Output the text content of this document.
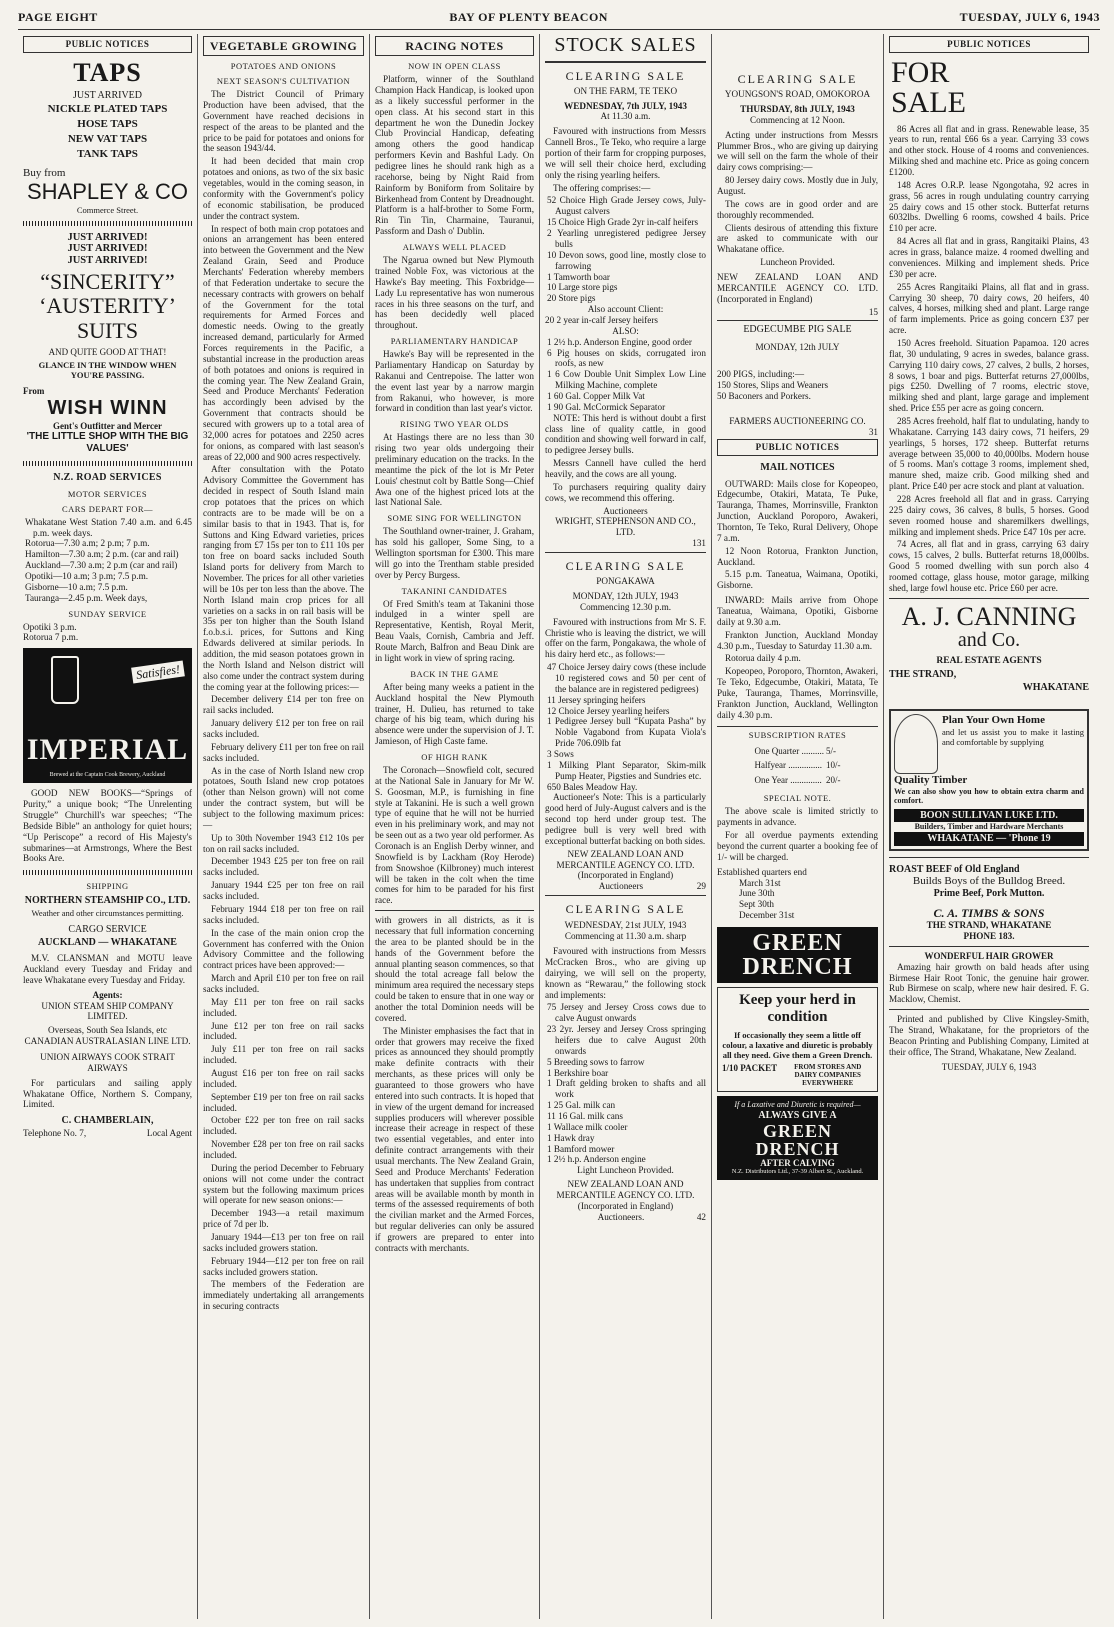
PAGE EIGHT	BAY OF PLENTY BEACON	TUESDAY, JULY 6, 1943
PUBLIC NOTICES
TAPS
JUST ARRIVED
NICKLE PLATED TAPS
HOSE TAPS
NEW VAT TAPS
TANK TAPS
Buy from
SHAPLEY & CO
Commerce Street.
JUST ARRIVED!
JUST ARRIVED!
JUST ARRIVED!
“SINCERITY”
‘AUSTERITY’
SUITS
AND QUITE GOOD AT THAT!
GLANCE IN THE WINDOW WHEN YOU'RE PASSING.
From
WISH WINN
Gent's Outfitter and Mercer
'THE LITTLE SHOP WITH THE BIG VALUES'
N.Z. ROAD SERVICES
MOTOR SERVICES
CARS DEPART FOR—
Whakatane West Station 7.40 a.m. and 6.45 p.m. week days.
Rotorua—7.30 a.m; 2 p.m; 7 p.m.
Hamilton—7.30 a.m; 2 p.m. (car and rail)
Auckland—7.30 a.m; 2 p.m (car and rail)
Opotiki—10 a.m; 3 p.m; 7.5 p.m.
Gisborne—10 a.m; 7.5 p.m.
Tauranga—2.45 p.m. Week days,
SUNDAY SERVICE
Opotiki 3 p.m.
Rotorua 7 p.m.
Satisfies!
IMPERIAL
Brewed at the Captain Cook Brewery, Auckland

GOOD NEW BOOKS—“Springs of Purity,” a unique book; “The Unrelenting Struggle” Churchill's war speeches; “The Bedside Bible” an anthology for quiet hours; “Up Periscope” a record of His Majesty's submarines—at Armstrongs, Where the Best Books Are.

SHIPPING
NORTHERN STEAMSHIP CO., LTD.
Weather and other circumstances permitting.
CARGO SERVICE
AUCKLAND — WHAKATANE

M.V. CLANSMAN and MOTU leave Auckland every Tuesday and Friday and leave Whakatane every Tuesday and Friday.

Agents:
UNION STEAM SHIP COMPANY LIMITED.
Overseas, South Sea Islands, etc
CANADIAN AUSTRALASIAN LINE LTD.
UNION AIRWAYS COOK STRAIT AIRWAYS

For particulars and sailing apply Whakatane Office, Northern S. Company, Limited.

C. CHAMBERLAIN,
Telephone No. 7,	Local Agent
VEGETABLE GROWING
POTATOES AND ONIONS
NEXT SEASON'S CULTIVATION

The District Council of Primary Production have been advised, that the Government have reached decisions in respect of the areas to be planted and the price to be paid for potatoes and onions for the season 1943/44.

It had been decided that main crop potatoes and onions, as two of the six basic vegetables, would in the coming season, in conformity with the Government's policy of economic stabilisation, be produced under the contract system.

In respect of both main crop potatoes and onions an arrangement has been entered into between the Government and the New Zealand Grain, Seed and Produce Merchants' Federation whereby members of that Federation undertake to secure the necessary contracts with growers on behalf of the Government for the total requirements for Armed Forces and domestic needs. Owing to the greatly increased demand, particularly for Armed Forces requirements in the Pacific, a substantial increase in the production areas of both potatoes and onions is required in the coming year. The New Zealand Grain, Seed and Produce Merchants' Federation has accordingly been advised by the Government that contracts should be secured with growers up to a total area of 32,000 acres for potatoes and 2250 acres for onions, as compared with last season's areas of 22,000 and 900 acres respectively.

After consultation with the Potato Advisory Committee the Government has decided in respect of South Island main crop potatoes that the prices on which contracts are to be made will be on a similar basis to that in 1943. That is, for Suttons and King Edward varieties, prices ranging from £7 15s per ton to £11 10s per ton free on board sacks included South Island ports for delivery from March to November. The prices for all other varieties will be 10s per ton less than the above. The North Island main crop prices for all varieties on a sacks in on rail basis will be 35s per ton higher than the South Island f.o.b.s.i. prices, for Suttons and King Edwards delivered at similar periods. In addition, the mid season potatoes grown in the North Island and Nelson district will also come under the contract system during the coming year at the following prices:—

December delivery £14 per ton free on rail sacks included.

January delivery £12 per ton free on rail sacks included.

February delivery £11 per ton free on rail sacks included.

As in the case of North Island new crop potatoes, South Island new crop potatoes (other than Nelson grown) will not come under the contract system, but will be subject to the following maximum prices:—

Up to 30th November 1943 £12 10s per ton on rail sacks included.

December 1943 £25 per ton free on rail sacks included.

January 1944 £25 per ton free on rail sacks included.

February 1944 £18 per ton free on rail sacks included.

In the case of the main onion crop the Government has conferred with the Onion Advisory Committee and the following contract prices have been approved:—

March and April £10 per ton free on rail sacks included.

May £11 per ton free on rail sacks included.

June £12 per ton free on rail sacks included.

July £11 per ton free on rail sacks included.

August £16 per ton free on rail sacks included.

September £19 per ton free on rail sacks included.

October £22 per ton free on rail sacks included.

November £28 per ton free on rail sacks included.

During the period December to February onions will not come under the contract system but the following maximum prices will operate for new season onions:—

December 1943—a retail maximum price of 7d per lb.

January 1944—£13 per ton free on rail sacks included growers station.

February 1944—£12 per ton free on rail sacks included growers station.

The members of the Federation are immediately undertaking all arrangements in securing contracts

RACING NOTES
NOW IN OPEN CLASS

Platform, winner of the Southland Champion Hack Handicap, is looked upon as a likely successful performer in the open class. At his second start in this department he won the Dunedin Jockey Club Provincial Handicap, defeating among others the good handicap performers Kevin and Bashful Lady. On pedigree lines he should rank high as a racehorse, being by Night Raid from Rainform by Boniform from Solitaire by Birkenhead from Content by Dreadnought. Platform is a half-brother to Some Form, Rin Tin Tin, Charmaine, Tauranui, Passform and Dash o' Dublin.

ALWAYS WELL PLACED

The Ngarua owned but New Plymouth trained Noble Fox, was victorious at the Hawke's Bay meeting. This Foxbridge—Lady Lu representative has won numerous races in his three seasons on the turf, and has been decidedly well placed throughout.

PARLIAMENTARY HANDICAP

Hawke's Bay will be represented in the Parliamentary Handicap on Saturday by Rakanui and Centrepoise. The latter won the event last year by a narrow margin from Rakanui, who however, is more forward in condition than last year's victor.

RISING TWO YEAR OLDS

At Hastings there are no less than 30 rising two year olds undergoing their preliminary education on the tracks. In the meantime the pick of the lot is Mr Peter Louis' chestnut colt by Battle Song—Chief Awa one of the highest priced lots at the last National Sale.

SOME SING FOR WELLINGTON

The Southland owner-trainer, J. Graham, has sold his galloper, Some Sing, to a Wellington sportsman for £300. This mare will go into the Trentham stable presided over by Percy Burgess.

TAKANINI CANDIDATES

Of Fred Smith's team at Takanini those indulged in a winter spell are Representative, Kentish, Royal Merit, Beau Vaals, Cornish, Cambria and Jeff. Route March, Balfron and Beau Dink are in light work in view of spring racing.

BACK IN THE GAME

After being many weeks a patient in the Auckland hospital the New Plymouth trainer, H. Dulieu, has returned to take charge of his big team, which during his absence were under the supervision of J. T. Jamieson, of High Caste fame.

OF HIGH RANK

The Coronach—Snowfield colt, secured at the National Sale in January for Mr W. S. Goosman, M.P., is furnishing in fine style at Takanini. He is such a well grown type of equine that he will not be hurried even in his preliminary work, and may not be seen out as a two year old performer. As Coronach is an English Derby winner, and Snowfield is by Lackham (Roy Herode) from Snowshoe (Kilbroney) much interest will be taken in the colt when the time comes for him to be paraded for his first race.

with growers in all districts, as it is necessary that full information concerning the area to be planted should be in the hands of the Government before the annual planting season commences, so that should the total acreage fall below the minimum area required the necessary steps could be taken to ensure that in one way or another the total Dominion needs will be covered.

The Minister emphasises the fact that in order that growers may receive the fixed prices as announced they should promptly make definite contracts with their merchants, as these prices will only be guaranteed to those growers who have entered into such contracts. It is hoped that in view of the urgent demand for increased supplies producers will wherever possible increase their acreage in respect of these two essential vegetables, and enter into definite contract arrangements with their usual merchants. The New Zealand Grain, Seed and Produce Merchants' Federation has undertaken that supplies from contract areas will be available month by month in terms of the assessed requirements of both the civilian market and the Armed Forces, but regular deliveries can only be assured if growers are prepared to enter into contracts with merchants.

STOCK SALES
CLEARING SALE
ON THE FARM, TE TEKO
WEDNESDAY, 7th JULY, 1943
At 11.30 a.m.

Favoured with instructions from Messrs Cannell Bros., Te Teko, who require a large portion of their farm for cropping purposes, we will sell their choice herd, excluding only the rising yearling heifers.

The offering comprises:—

52 Choice High Grade Jersey cows, July-August calvers
15 Choice High Grade 2yr in-calf heifers
2 Yearling unregistered pedigree Jersey bulls
10 Devon sows, good line, mostly close to farrowing
1 Tamworth boar
10 Large store pigs
20 Store pigs
Also account Client:
20 2 year in-calf Jersey heifers
ALSO:
1 2½ h.p. Anderson Engine, good order
6 Pig houses on skids, corrugated iron roofs, as new
1 6 Cow Double Unit Simplex Low Line Milking Machine, complete
1 60 Gal. Copper Milk Vat
1 90 Gal. McCormick Separator

NOTE: This herd is without doubt a first class line of quality cattle, in good condition and showing well forward in calf, to pedigree Jersey bulls.

Messrs Cannell have culled the herd heavily, and the cows are all young.

To purchasers requiring quality dairy cows, we recommend this offering.

Auctioneers
WRIGHT, STEPHENSON AND CO., LTD.
131
CLEARING SALE
PONGAKAWA
MONDAY, 12th JULY, 1943
Commencing 12.30 p.m.

Favoured with instructions from Mr S. F. Christie who is leaving the district, we will offer on the farm, Pongakawa, the whole of his dairy herd etc., as follows:—

47 Choice Jersey dairy cows (these include 10 registered cows and 50 per cent of the balance are in registered pedigrees)
11 Jersey springing heifers
12 Choice Jersey yearling heifers
1 Pedigree Jersey bull “Kupata Pasha” by Noble Vagabond from Kupata Viola's Pride 706.09lb fat
3 Sows
1 Milking Plant Separator, Skim-milk Pump Heater, Pigsties and Sundries etc.
650 Bales Meadow Hay.

Auctioneer's Note: This is a particularly good herd of July-August calvers and is the second top herd under group test. The pedigree bull is very well bred with exceptional butterfat backing on both sides.

NEW ZEALAND LOAN AND MERCANTILE AGENCY CO. LTD.
(Incorporated in England)
Auctioneers	29
CLEARING SALE
WEDNESDAY, 21st JULY, 1943
Commencing at 11.30 a.m. sharp

Favoured with instructions from Messrs McCracken Bros., who are giving up dairying, we will sell on the property, known as “Rewarau,” the following stock and implements:

75 Jersey and Jersey Cross cows due to calve August onwards
23 2yr. Jersey and Jersey Cross springing heifers due to calve August 20th onwards
5 Breeding sows to farrow
1 Berkshire boar
1 Draft gelding broken to shafts and all work
1 25 Gal. milk can
11 16 Gal. milk cans
1 Wallace milk cooler
1 Hawk dray
1 Bamford mower
1 2½ h.p. Anderson engine
Light Luncheon Provided.
NEW ZEALAND LOAN AND MERCANTILE AGENCY CO. LTD.
(Incorporated in England)
Auctioneers.	42
CLEARING SALE
YOUNGSON'S ROAD, OMOKOROA
THURSDAY, 8th JULY, 1943
Commencing at 12 Noon.

Acting under instructions from Messrs Plummer Bros., who are giving up dairying we will sell on the farm the whole of their dairy cows comprising:—

80 Jersey dairy cows. Mostly due in July, August.

The cows are in good order and are thoroughly recommended.

Clients desirous of attending this fixture are asked to communicate with our Whakatane office.

Luncheon Provided.

NEW ZEALAND LOAN AND MERCANTILE AGENCY CO. LTD. (Incorporated in England)

15
EDGECUMBE PIG SALE
MONDAY, 12th JULY
200 PIGS, including:—
150 Stores, Slips and Weaners
50 Baconers and Porkers.
FARMERS AUCTIONEERING CO.
31
PUBLIC NOTICES
MAIL NOTICES

OUTWARD: Mails close for Kopeopeo, Edgecumbe, Otakiri, Matata, Te Puke, Tauranga, Thames, Morrinsville, Frankton Junction, Auckland Poroporo, Awakeri, Thornton, Te Teko, Rural Delivery, Ohope 7 a.m.

12 Noon Rotorua, Frankton Junction, Auckland.

5.15 p.m. Taneatua, Waimana, Opotiki, Gisborne.

INWARD: Mails arrive from Ohope Taneatua, Waimana, Opotiki, Gisborne daily at 9.30 a.m.

Frankton Junction, Auckland Monday 4.30 p.m., Tuesday to Saturday 11.30 a.m.

Rotorua daily 4 p.m.

Kopeopeo, Poroporo, Thornton, Awakeri, Te Teko, Edgecumbe, Otakiri, Matata, Te Puke, Tauranga, Thames, Morrinsville, Frankton Junction, Auckland, Wellington daily 4.30 p.m.

SUBSCRIPTION RATES
One Quarter ..........	5/-
Halfyear ...............	10/-
One Year ..............	20/-
SPECIAL NOTE.

The above scale is limited strictly to payments in advance.

For all overdue payments extending beyond the current quarter a booking fee of 1/- will be charged.

Established quarters end
March 31st
June 30th
Sept 30th
December 31st
GREEN DRENCH
Keep your herd in condition
If occasionally they seem a little off colour, a laxative and diuretic is probably all they need. Give them a Green Drench.
1/10 PACKET	FROM STORES AND DAIRY COMPANIES EVERYWHERE
If a Laxative and Diuretic is required—
ALWAYS GIVE A
GREEN DRENCH
AFTER CALVING
N.Z. Distributors Ltd., 37-39 Albert St., Auckland.
PUBLIC NOTICES
FOR SALE

86 Acres all flat and in grass. Renewable lease, 35 years to run, rental £66 6s a year. Carrying 33 cows and other stock. House of 4 rooms and conveniences. Milking shed and machine etc. Price as going concern £1200.

148 Acres O.R.P. lease Ngongotaha, 92 acres in grass, 56 acres in rough undulating country carrying 25 dairy cows and 15 other stock. Butterfat returns 6032lbs. Dwelling 6 rooms, cowshed 4 bails. Price £10 per acre.

84 Acres all flat and in grass, Rangitaiki Plains, 43 acres in grass, balance maize. 4 roomed dwelling and conveniences. Milking and implement sheds. Price £30 per acre.

255 Acres Rangitaiki Plains, all flat and in grass. Carrying 30 sheep, 70 dairy cows, 20 heifers, 40 calves, 4 horses, milking shed and plant. Large range of farm implements. Price as going concern £37 per acre.

150 Acres freehold. Situation Papamoa. 120 acres flat, 30 undulating, 9 acres in swedes, balance grass. Carrying 110 dairy cows, 27 calves, 2 bulls, 2 horses, 8 sows, 1 boar and pigs. Butterfat returns 27,000lbs, pigs £250. Dwelling of 7 rooms, electric stove, milking shed and plant, large garage and implement shed. Price £55 per acre as going concern.

285 Acres freehold, half flat to undulating, handy to Whakatane. Carrying 143 dairy cows, 71 heifers, 29 yearlings, 5 horses, 172 sheep. Butterfat returns average between 35,000 to 40,000lbs. Modern house of 5 rooms. Man's cottage 3 rooms, implement shed, manure shed, maize crib. Good milking shed and plant. Price £40 per acre stock and plant at valuation.

228 Acres freehold all flat and in grass. Carrying 225 dairy cows, 36 calves, 8 bulls, 5 horses. Good seven roomed house and sharemilkers dwellings, milking and implement sheds. Price £47 10s per acre.

74 Acres, all flat and in grass, carrying 63 dairy cows, 15 calves, 2 bulls. Butterfat returns 18,000lbs. Good 5 roomed dwelling with sun porch also 4 roomed cottage, glass house, motor garage, milking shed, large fowl house etc. Price £60 per acre.

A. J. CANNING
and Co.
REAL ESTATE AGENTS
THE STRAND,
WHAKATANE
Plan Your Own Home
and let us assist you to make it lasting and comfortable by supplying
Quality Timber
We can also show you how to obtain extra charm and comfort.
BOON SULLIVAN LUKE LTD.
Builders, Timber and Hardware Merchants
WHAKATANE — 'Phone 19
ROAST BEEF of Old England
Builds Boys of the Bulldog Breed.
Prime Beef, Pork Mutton.
C. A. TIMBS & SONS
THE STRAND, WHAKATANE
PHONE 183.
WONDERFUL HAIR GROWER

Amazing hair growth on bald heads after using Birmese Hair Root Tonic, the genuine hair grower. Rub Birmese on scalp, where new hair desired. F. G. Macklow, Chemist.

Printed and published by Clive Kingsley-Smith, The Strand, Whakatane, for the proprietors of the Beacon Printing and Publishing Company, Limited at their office, The Strand, Whakatane, New Zealand.

TUESDAY, JULY 6, 1943
